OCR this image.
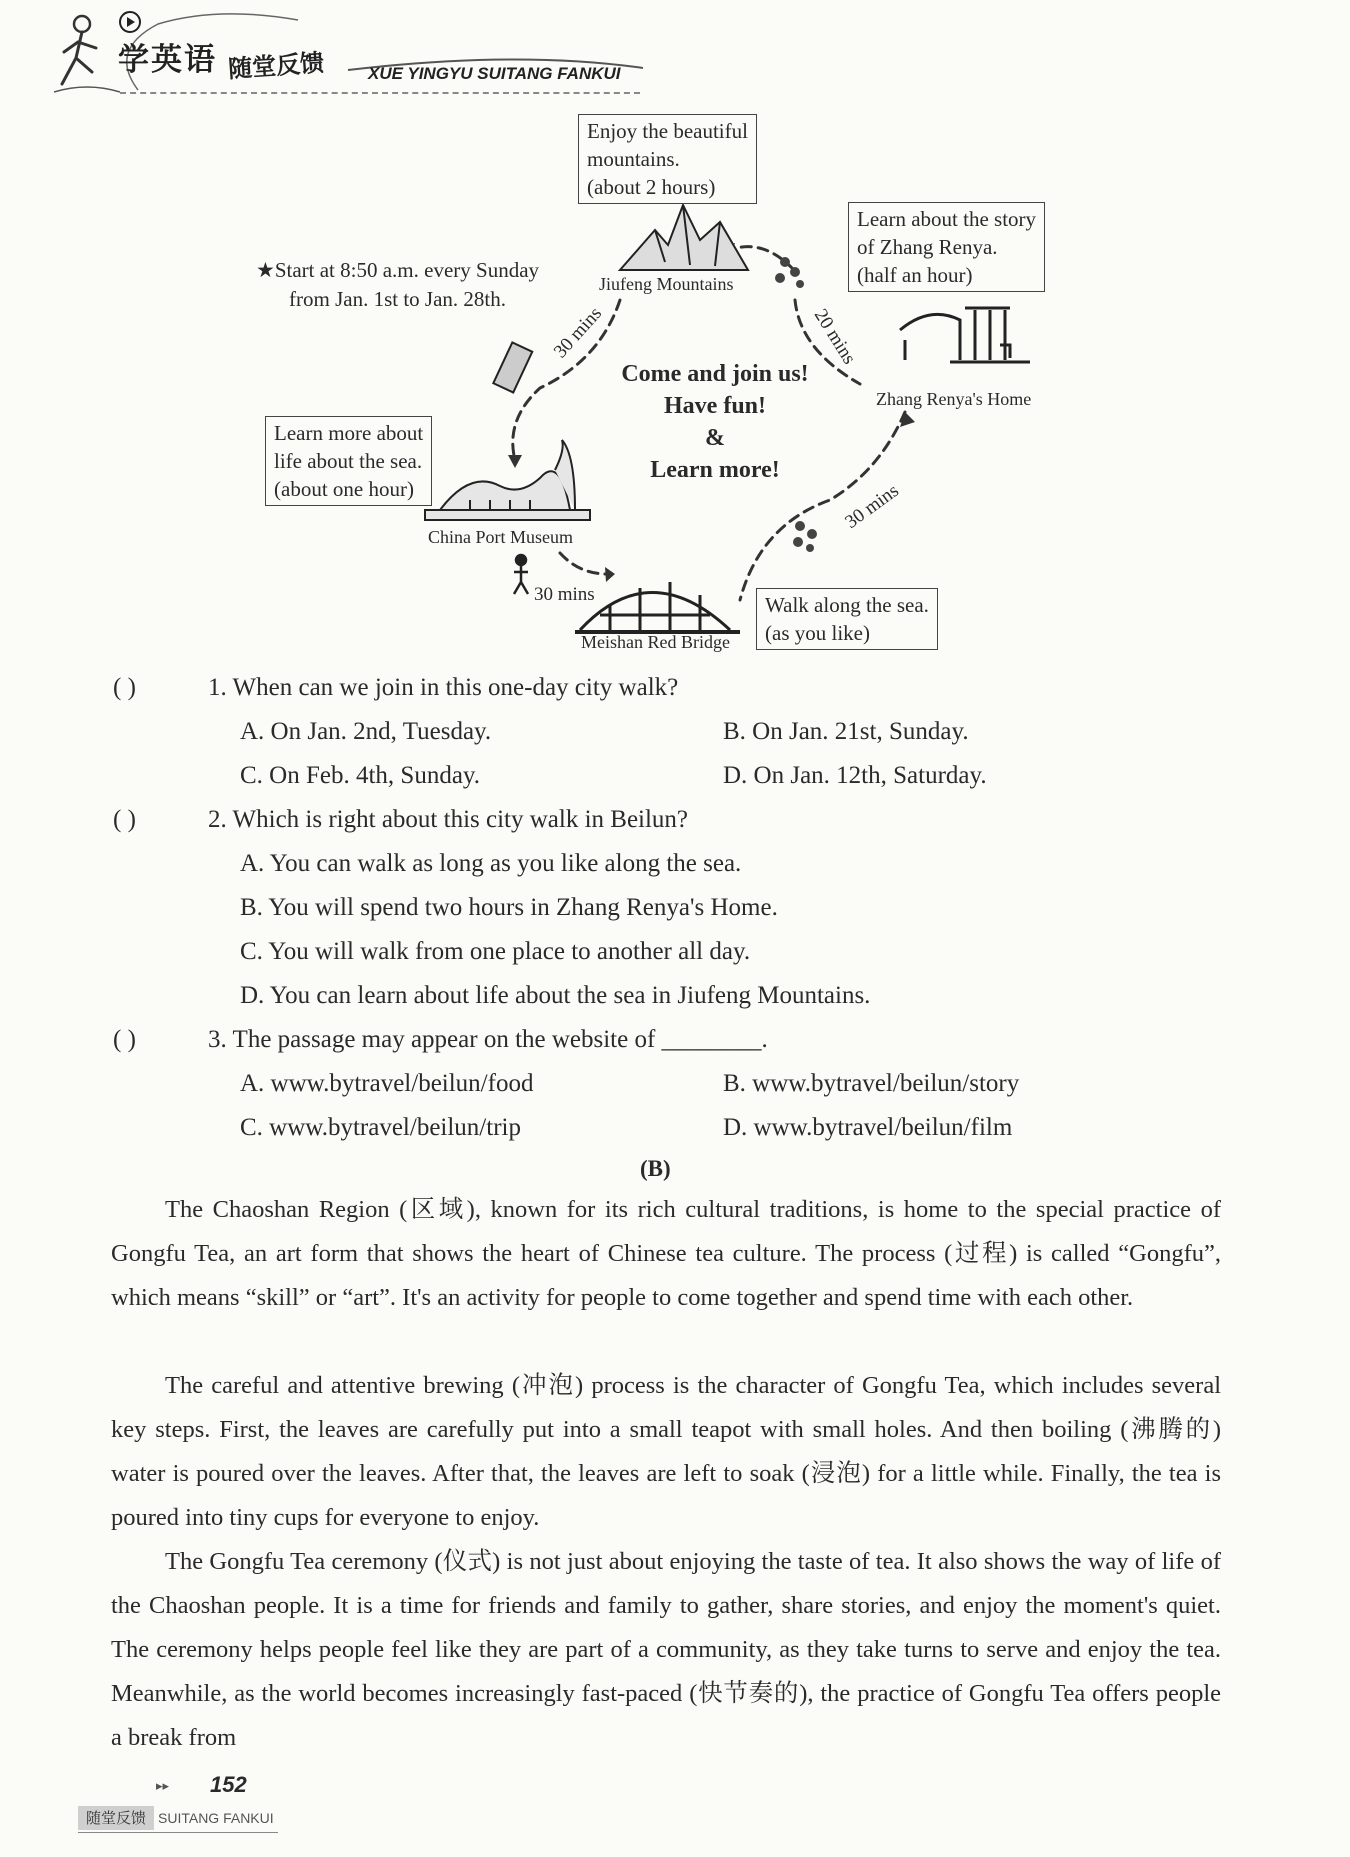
学英语 随堂反馈	XUE YINGYU SUITANG FANKUI
Enjoy the beautiful
mountains.
(about 2 hours)
Learn about the story
of Zhang Renya.
(half an hour)
Learn more about
life about the sea.
(about one hour)
Walk along the sea.
(as you like)
★Start at 8:50 a.m. every Sunday
from Jan. 1st to Jan. 28th.
Jiufeng Mountains
Zhang Renya's Home
China Port Museum
Meishan Red Bridge
30 mins	20 mins
30 mins
30 mins
Come and join us!
Have fun!
&
Learn more!
( )	1. When can we join in this one-day city walk?
A. On Jan. 2nd, Tuesday.	B. On Jan. 21st, Sunday.
C. On Feb. 4th, Sunday.	D. On Jan. 12th, Saturday.
( )	2. Which is right about this city walk in Beilun?
A. You can walk as long as you like along the sea.
B. You will spend two hours in Zhang Renya's Home.
C. You will walk from one place to another all day.
D. You can learn about life about the sea in Jiufeng Mountains.
( )	3. The passage may appear on the website of ________.
A. www.bytravel/beilun/food	B. www.bytravel/beilun/story
C. www.bytravel/beilun/trip	D. www.bytravel/beilun/film
(B)
The Chaoshan Region (区域), known for its rich cultural traditions, is home to the special practice of Gongfu Tea, an art form that shows the heart of Chinese tea culture. The process (过程) is called “Gongfu”, which means “skill” or “art”. It's an activity for people to come together and spend time with each other.
The careful and attentive brewing (冲泡) process is the character of Gongfu Tea, which includes several key steps. First, the leaves are carefully put into a small teapot with small holes. And then boiling (沸腾的) water is poured over the leaves. After that, the leaves are left to soak (浸泡) for a little while. Finally, the tea is poured into tiny cups for everyone to enjoy.
The Gongfu Tea ceremony (仪式) is not just about enjoying the taste of tea. It also shows the way of life of the Chaoshan people. It is a time for friends and family to gather, share stories, and enjoy the moment's quiet. The ceremony helps people feel like they are part of a community, as they take turns to serve and enjoy the tea. Meanwhile, as the world becomes increasingly fast-paced (快节奏的), the practice of Gongfu Tea offers people a break from
▸▸ 152
随堂反馈 SUITANG FANKUI
